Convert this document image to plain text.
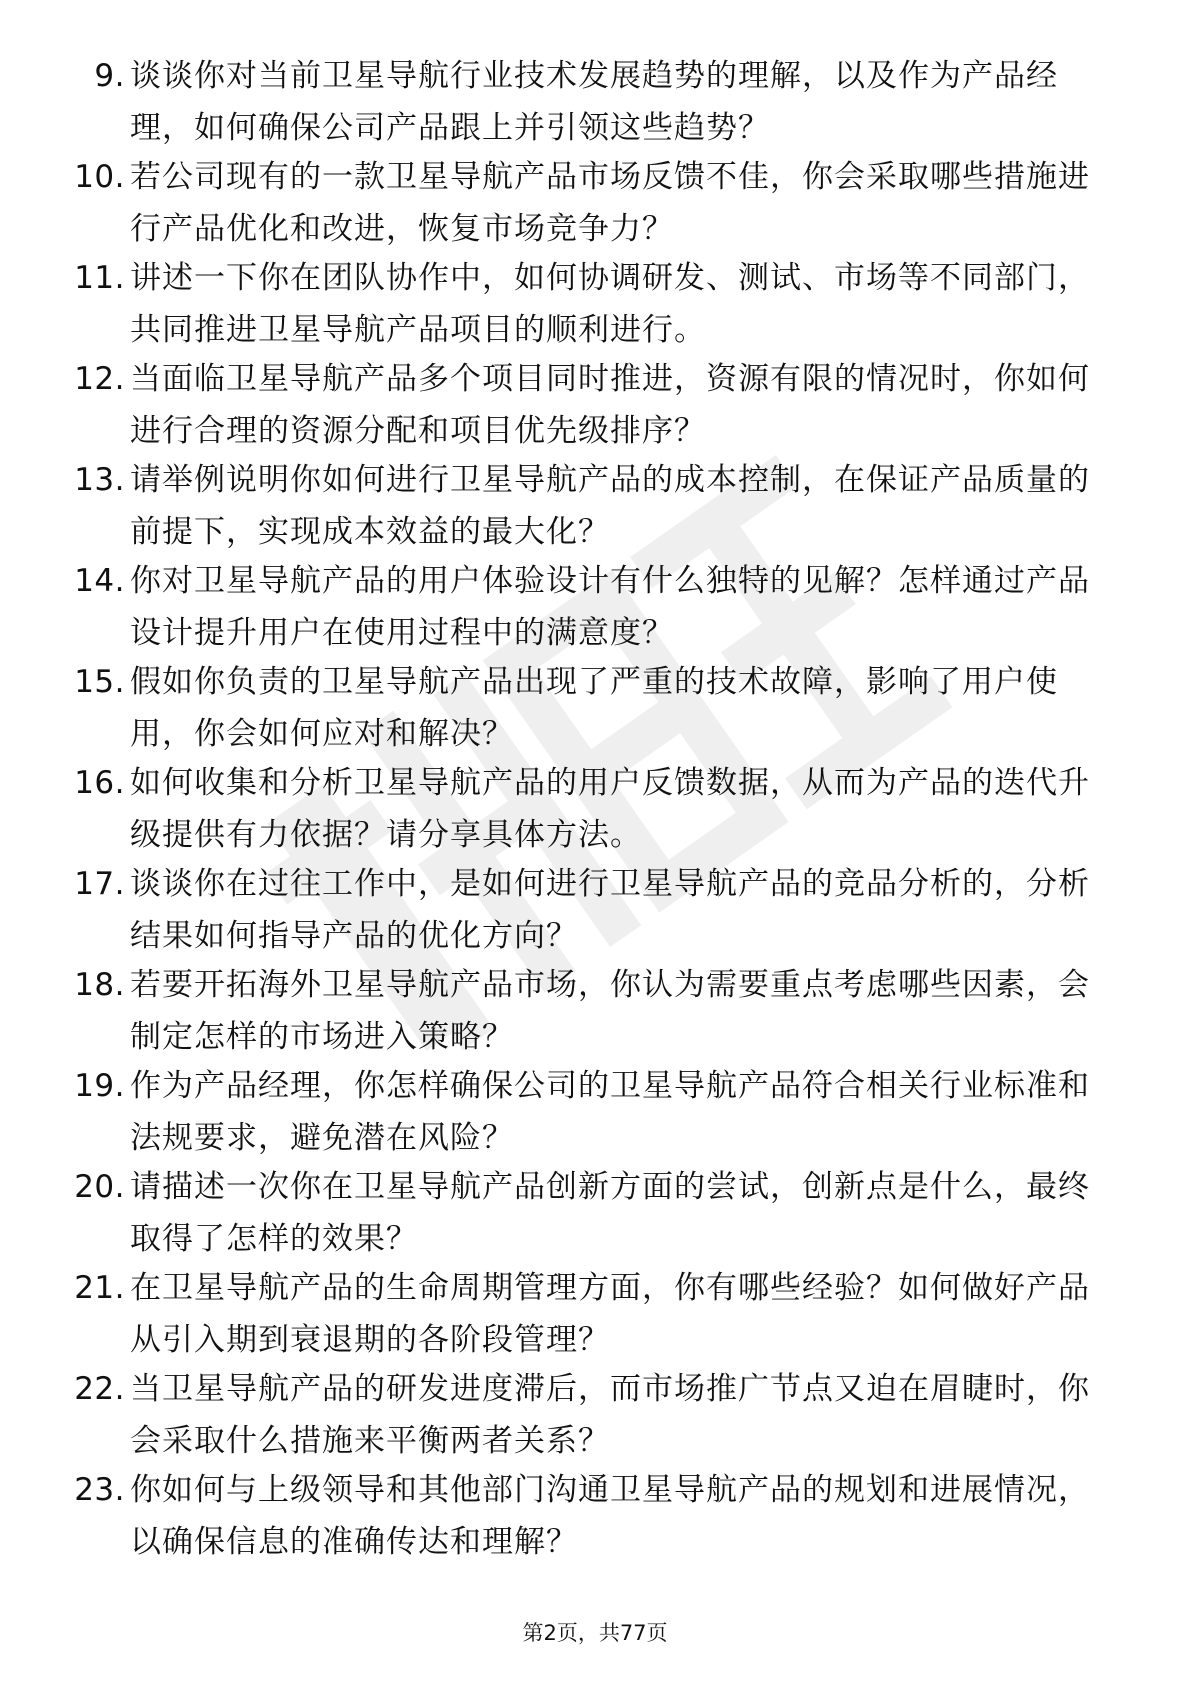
9. 谈谈你对当前卫星导航行业技术发展趋势的理解，以及作为产品经理，如何确保公司产品跟上并引领这些趋势？
10. 若公司现有的一款卫星导航产品市场反馈不佳，你会采取哪些措施进行产品优化和改进，恢复市场竞争力？
11. 讲述一下你在团队协作中，如何协调研发、测试、市场等不同部门，共同推进卫星导航产品项目的顺利进行。
12. 当面临卫星导航产品多个项目同时推进，资源有限的情况时，你如何进行合理的资源分配和项目优先级排序？
13. 请举例说明你如何进行卫星导航产品的成本控制，在保证产品质量的前提下，实现成本效益的最大化？
14. 你对卫星导航产品的用户体验设计有什么独特的见解？怎样通过产品设计提升用户在使用过程中的满意度？
15. 假如你负责的卫星导航产品出现了严重的技术故障，影响了用户使用，你会如何应对和解决？
16. 如何收集和分析卫星导航产品的用户反馈数据，从而为产品的迭代升级提供有力依据？请分享具体方法。
17. 谈谈你在过往工作中，是如何进行卫星导航产品的竞品分析的，分析结果如何指导产品的优化方向？
18. 若要开拓海外卫星导航产品市场，你认为需要重点考虑哪些因素，会制定怎样的市场进入策略？
19. 作为产品经理，你怎样确保公司的卫星导航产品符合相关行业标准和法规要求，避免潜在风险？
20. 请描述一次你在卫星导航产品创新方面的尝试，创新点是什么，最终取得了怎样的效果？
21. 在卫星导航产品的生命周期管理方面，你有哪些经验？如何做好产品从引入期到衰退期的各阶段管理？
22. 当卫星导航产品的研发进度滞后，而市场推广节点又迫在眉睫时，你会采取什么措施来平衡两者关系？
23. 你如何与上级领导和其他部门沟通卫星导航产品的规划和进展情况，以确保信息的准确传达和理解？
第2页，共77页
